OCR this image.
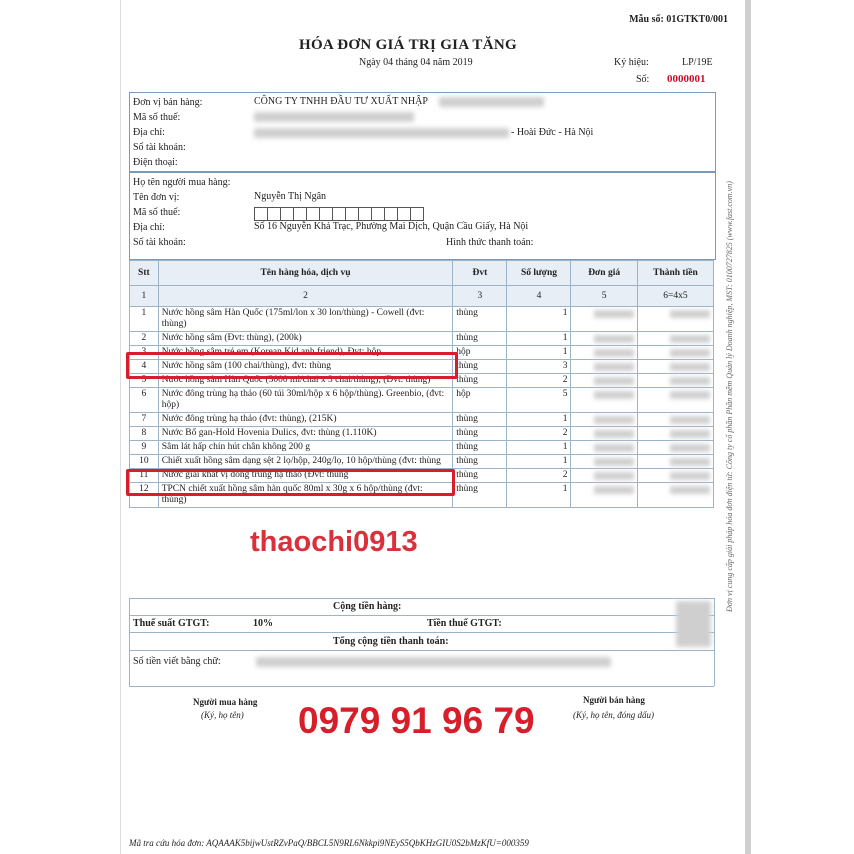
Mẫu số: 01GTKT0/001
HÓA ĐƠN GIÁ TRỊ GIA TĂNG
Ngày 04 tháng 04 năm 2019	Ký hiệu:	LP/19E
Số: 0000001
Đơn vị bán hàng:	CÔNG TY TNHH ĐẦU TƯ XUẤT NHẬP
Mã số thuế:
Địa chỉ:	- Hoài Đức - Hà Nội
Số tài khoản:
Điện thoại:
Họ tên người mua hàng:
Tên đơn vị:	Nguyễn Thị Ngân
Mã số thuế:
Địa chỉ:	Số 16 Nguyễn Khả Trạc, Phường Mai Dịch, Quận Cầu Giấy, Hà Nội
Số tài khoản:	Hình thức thanh toán:
Stt	Tên hàng hóa, dịch vụ	Đvt	Số lượng	Đơn giá	Thành tiền
1	2	3	4	5	6=4x5
1	Nước hồng sâm Hàn Quốc (175ml/lon x 30 lon/thùng) - Cowell (đvt: thùng)	thùng	1	

2	Nước hồng sâm (Đvt: thùng), (200k)	thùng	1	

3	Nước hồng sâm trẻ em (Korean Kid anh friend), Đvt: hộp	hộp	1	

4	Nước hồng sâm (100 chai/thùng), đvt: thùng	thùng	3	

5	Nước hồng sâm Hàn Quốc (3000 ml/chai x 3 chai/thùng), (Đvt: thùng)	thùng	2	

6	Nước đông trùng hạ thảo (60 túi 30ml/hộp x 6 hộp/thùng). Greenbio, (đvt: hộp)	hộp	5	

7	Nước đông trùng hạ thảo (đvt: thùng), (215K)	thùng	1	

8	Nước Bổ gan-Hold Hovenia Dulics, đvt: thùng (1.110K)	thùng	2	

9	Sâm lát hấp chín hút chân không 200 g	thùng	1	

10	Chiết xuất hồng sâm dạng sệt 2 lọ/hộp, 240g/lọ, 10 hộp/thùng (đvt: thùng	thùng	1	

11	Nước giải khát vị đông trùng hạ thảo (Đvt: thùng	thùng	2	

12	TPCN chiết xuất hồng sâm hàn quốc 80ml x 30g x 6 hộp/thùng (đvt: thùng)	thùng	1	

Cộng tiền hàng:
Thuế suất GTGT:	10%	Tiền thuế GTGT:
Tổng cộng tiền thanh toán:
Số tiền viết bằng chữ:
Người mua hàng
(Ký, họ tên)
Người bán hàng
(Ký, họ tên, đóng dấu)
Mã tra cứu hóa đơn: AQAAAK5bijwUstRZvPaQ/BBCL5N9RL6Nkkpi9NEyS5QbKHzGIU0S2bMzKfU=000359
Đơn vị cung cấp giải pháp hóa đơn điện tử: Công ty cổ phần Phần mềm Quản lý Doanh nghiệp, MST: 0100727825 (www.fast.com.vn)
thaochi0913
0979 91 96 79
